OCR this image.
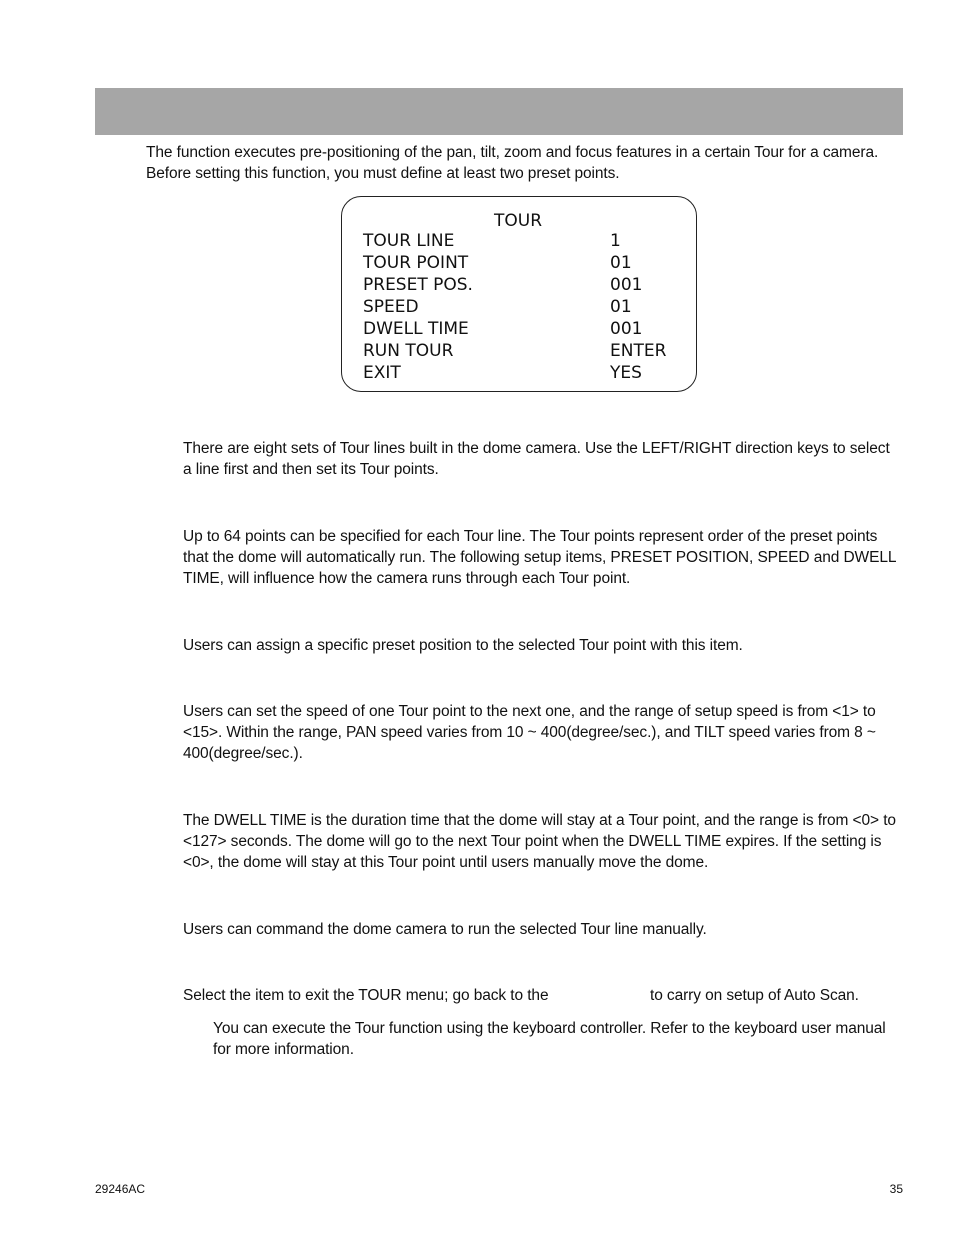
The function executes pre-positioning of the pan, tilt, zoom and focus features in a certain Tour for a camera.
Before setting this function, you must define at least two preset points.
TOUR
TOUR LINE	1
TOUR POINT	01
PRESET POS.	001
SPEED	01
DWELL TIME	001
RUN TOUR	ENTER
EXIT	YES
There are eight sets of Tour lines built in the dome camera. Use the LEFT/RIGHT direction keys to select
a line first and then set its Tour points.
Up to 64 points can be specified for each Tour line. The Tour points represent order of the preset points
that the dome will automatically run. The following setup items, PRESET POSITION, SPEED and DWELL
TIME, will influence how the camera runs through each Tour point.
Users can assign a specific preset position to the selected Tour point with this item.
Users can set the speed of one Tour point to the next one, and the range of setup speed is from <1> to
<15>. Within the range, PAN speed varies from 10 ~ 400(degree/sec.), and TILT speed varies from 8 ~
400(degree/sec.).
The DWELL TIME is the duration time that the dome will stay at a Tour point, and the range is from <0> to
<127> seconds. The dome will go to the next Tour point when the DWELL TIME expires. If the setting is
<0>, the dome will stay at this Tour point until users manually move the dome.
Users can command the dome camera to run the selected Tour line manually.
Select the item to exit the TOUR menu; go back to the	to carry on setup of Auto Scan.
You can execute the Tour function using the keyboard controller. Refer to the keyboard user manual
for more information.
29246AC	35
